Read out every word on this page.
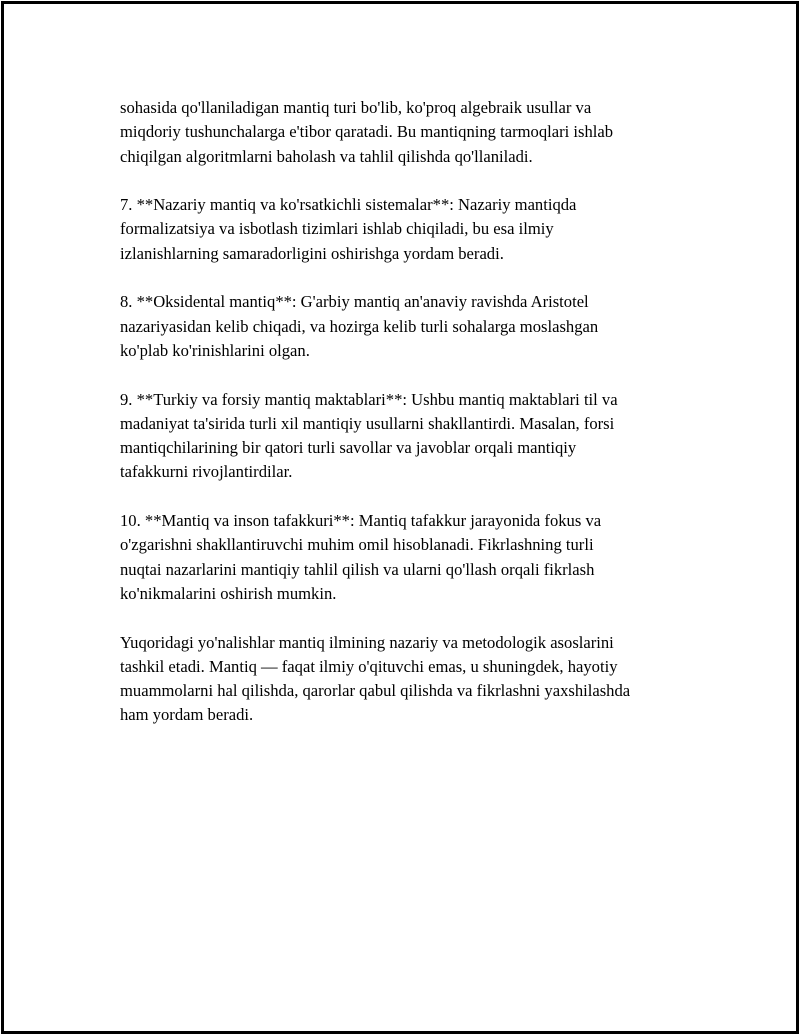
sohasida qo'llaniladigan mantiq turi bo'lib, ko'proq algebraik usullar va
miqdoriy tushunchalarga e'tibor qaratadi. Bu mantiqning tarmoqlari ishlab
chiqilgan algoritmlarni baholash va tahlil qilishda qo'llaniladi.

7. **Nazariy mantiq va ko'rsatkichli sistemalar**: Nazariy mantiqda
formalizatsiya va isbotlash tizimlari ishlab chiqiladi, bu esa ilmiy
izlanishlarning samaradorligini oshirishga yordam beradi.

8. **Oksidental mantiq**: G'arbiy mantiq an'anaviy ravishda Aristotel
nazariyasidan kelib chiqadi, va hozirga kelib turli sohalarga moslashgan
ko'plab ko'rinishlarini olgan.

9. **Turkiy va forsiy mantiq maktablari**: Ushbu mantiq maktablari til va
madaniyat ta'sirida turli xil mantiqiy usullarni shakllantirdi. Masalan, forsi
mantiqchilarining bir qatori turli savollar va javoblar orqali mantiqiy
tafakkurni rivojlantirdilar.

10. **Mantiq va inson tafakkuri**: Mantiq tafakkur jarayonida fokus va
o'zgarishni shakllantiruvchi muhim omil hisoblanadi. Fikrlashning turli
nuqtai nazarlarini mantiqiy tahlil qilish va ularni qo'llash orqali fikrlash
ko'nikmalarini oshirish mumkin.

Yuqoridagi yo'nalishlar mantiq ilmining nazariy va metodologik asoslarini
tashkil etadi. Mantiq — faqat ilmiy o'qituvchi emas, u shuningdek, hayotiy
muammolarni hal qilishda, qarorlar qabul qilishda va fikrlashni yaxshilashda
ham yordam beradi.
